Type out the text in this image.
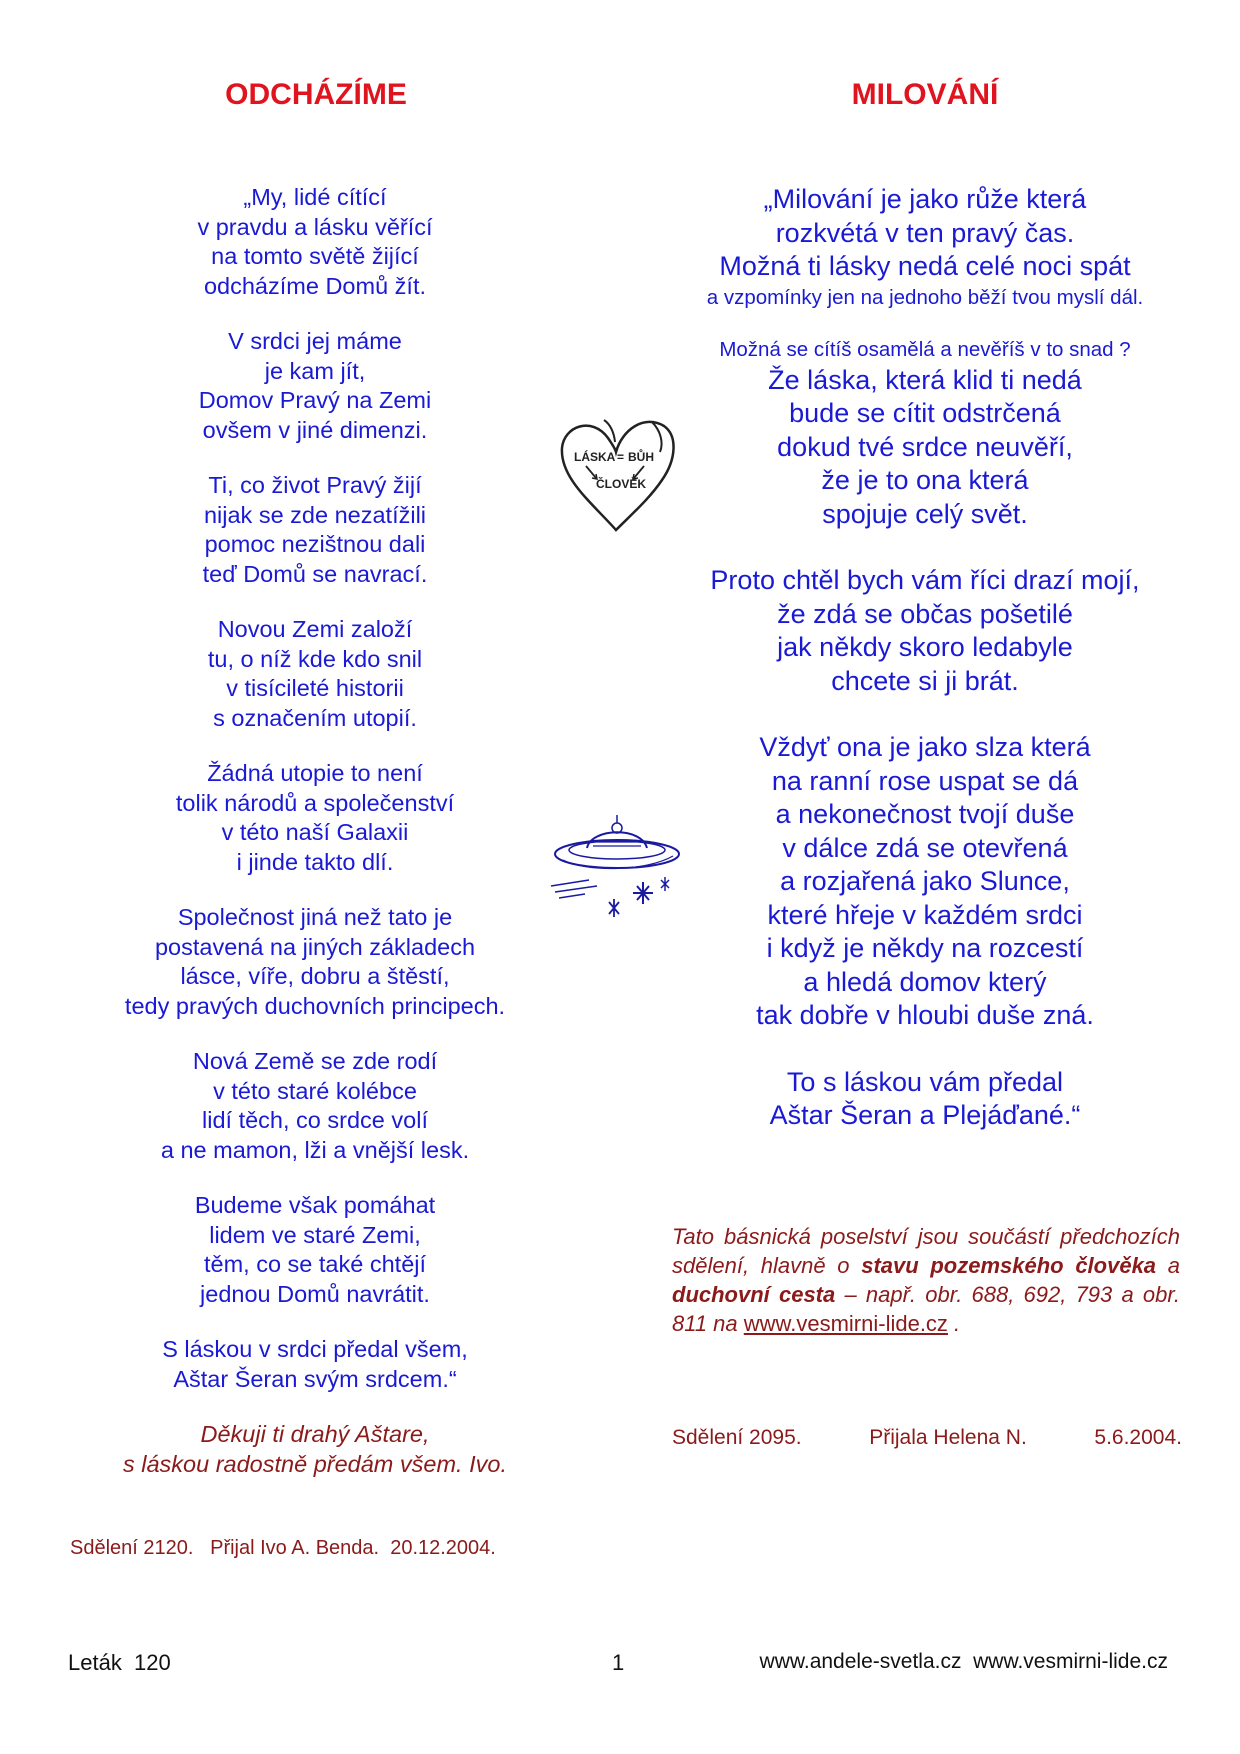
ODCHÁZÍME	MILOVÁNÍ
„My, lidé cítící
v pravdu a lásku věřící
na tomto světě žijící
odcházíme Domů žít.
V srdci jej máme
je kam jít,
Domov Pravý na Zemi
ovšem v jiné dimenzi.
Ti, co život Pravý žijí
nijak se zde nezatížili
pomoc nezištnou dali
teď Domů se navrací.
Novou Zemi založí
tu, o níž kde kdo snil
v tisícileté historii
s označením utopií.
Žádná utopie to není
tolik národů a společenství
v této naší Galaxii
i jinde takto dlí.
Společnost jiná než tato je
postavená na jiných základech
lásce, víře, dobru a štěstí,
tedy pravých duchovních principech.
Nová Země se zde rodí
v této staré kolébce
lidí těch, co srdce volí
a ne mamon, lži a vnější lesk.
Budeme však pomáhat
lidem ve staré Zemi,
těm, co se také chtějí
jednou Domů navrátit.
S láskou v srdci předal všem,
Aštar Šeran svým srdcem.“
Děkuji ti drahý Aštare,
s láskou radostně předám všem. Ivo.
Sdělení 2120.   Přijal Ivo A. Benda.  20.12.2004.
LÁSKA = BŮH
ČLOVĚK
„Milování je jako růže která
rozkvétá v ten pravý čas.
Možná ti lásky nedá celé noci spát
a vzpomínky jen na jednoho běží tvou myslí dál.
Možná se cítíš osamělá a nevěříš v to snad ?
Že láska, která klid ti nedá
bude se cítit odstrčená
dokud tvé srdce neuvěří,
že je to ona která
spojuje celý svět.
Proto chtěl bych vám říci drazí mojí,
že zdá se občas pošetilé
jak někdy skoro ledabyle
chcete si ji brát.
Vždyť ona je jako slza která
na ranní rose uspat se dá
a nekonečnost tvojí duše
v dálce zdá se otevřená
a rozjařená jako Slunce,
které hřeje v každém srdci
i když je někdy na rozcestí
a hledá domov který
tak dobře v hloubi duše zná.
To s láskou vám předal
Aštar Šeran a Plejáďané.“
Tato básnická poselství jsou součástí předchozích sdělení, hlavně o stavu pozemského člověka a duchovní cesta – např. obr. 688, 692, 793 a obr. 811 na www.vesmirni-lide.cz .
Sdělení 2095.	Přijala Helena N.	5.6.2004.
Leták  120	1	www.andele-svetla.cz  www.vesmirni-lide.cz
